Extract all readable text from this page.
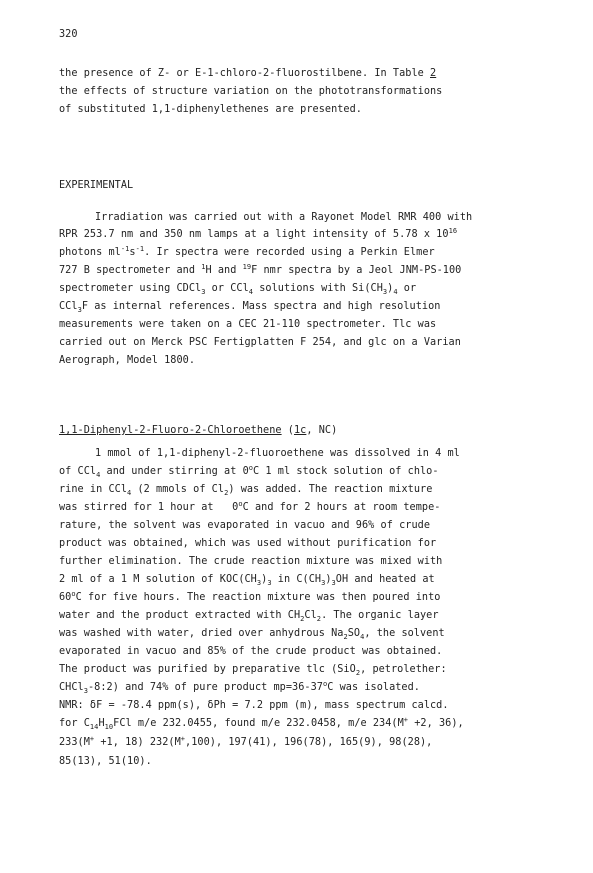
320
the presence of Z- or E-1-chloro-2-fluorostilbene. In Table 2
the effects of structure variation on the phototransformations
of substituted 1,1-diphenylethenes are presented.
EXPERIMENTAL
Irradiation was carried out with a Rayonet Model RMR 400 with
RPR 253.7 nm and 350 nm lamps at a light intensity of 5.78 x $10^{16}$
photons $ml^{-1}s^{-1}$. Ir spectra were recorded using a Perkin Elmer
727 B spectrometer and $^1$H and $^{19}$F nmr spectra by a Jeol JNM-PS-100
spectrometer using CDCl$_3$ or CCl$_4$ solutions with $Si(CH_3)_4$ or
CCl$_3$F as internal references. Mass spectra and high resolution
measurements were taken on a CEC 21-110 spectrometer. Tlc was
carried out on Merck PSC Fertigplatten F 254, and glc on a Varian
Aerograph, Model 1800.
1,1-Diphenyl-2-Fluoro-2-Chloroethene (1c, NC)
1 mmol of 1,1-diphenyl-2-fluoroethene was dissolved in 4 ml
of CCl$_4$ and under stirring at 0$^o$C 1 ml stock solution of chlo-
rine in CCl$_4$ (2 mmols of $Cl_2$) was added. The reaction mixture
was stirred for 1 hour at   0$^o$C and for 2 hours at room tempe-
rature, the solvent was evaporated in vacuo and 96% of crude
product was obtained, which was used without purification for
further elimination. The crude reaction mixture was mixed with
2 ml of a 1 M solution of $KOC(CH_3)_3$ in $C(CH_3)_3OH$ and heated at
60$^o$C for five hours. The reaction mixture was then poured into
water and the product extracted with $CH_2Cl_2$. The organic layer
was washed with water, dried over anhydrous $Na_2SO_4$, the solvent
evaporated in vacuo and 85% of the crude product was obtained.
The product was purified by preparative tlc (SiO$_2$, petrolether:
CHCl$_3$-8:2) and 74% of pure product $mp=36-37^oC$ was isolated.
NMR: δF = -78.4 ppm(s), δPh = 7.2 ppm (m), mass spectrum calcd.
for $C_{14}H_{10}FCl$ m/e 232.0455, found m/e 232.0458, m/e 234(M+ +2, 36),
233(M+ +1, 18) 232(M+,100), 197(41), 196(78), 165(9), 98(28),
85(13), 51(10).
